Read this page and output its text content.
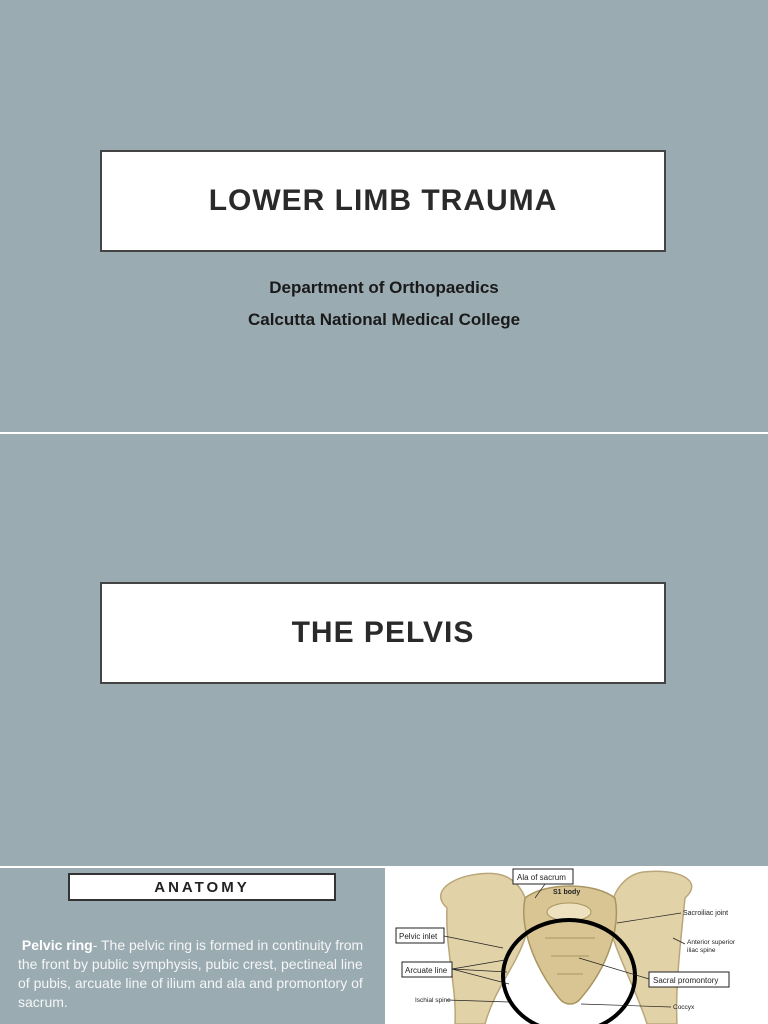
LOWER LIMB TRAUMA
Department of Orthopaedics
Calcutta National Medical College
THE PELVIS
ANATOMY
Pelvic ring- The pelvic ring is formed in continuity from the front by public symphysis, pubic crest, pectineal line of pubis, arcuate line of ilium and ala and promontory of sacrum.
Ala of sacrum
S1 body
Sacroiliac joint
Anterior superior
iliac spine
Pelvic inlet
Arcuate line
Sacral promontory
Ischial spine
Coccyx
